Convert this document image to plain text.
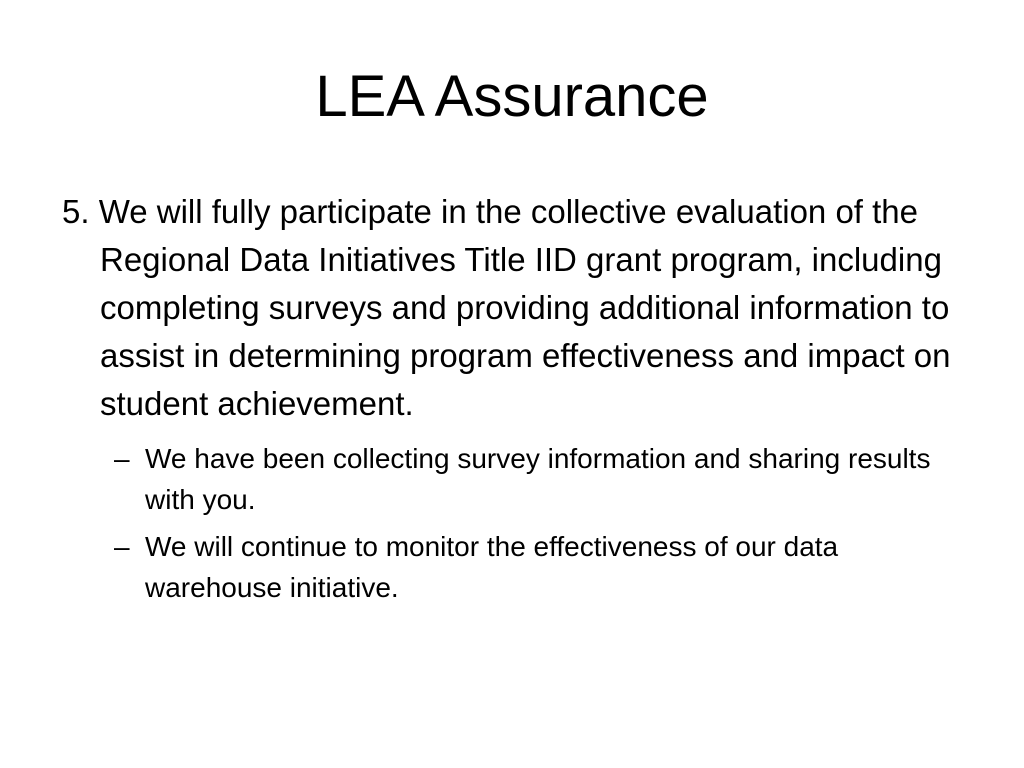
LEA Assurance

5. We will fully participate in the collective evaluation of the Regional Data Initiatives Title IID grant program, including completing surveys and providing additional information to assist in determining program effectiveness and impact on student achievement.

– We have been collecting survey information and sharing results with you.
– We will continue to monitor the effectiveness of our data warehouse initiative.
